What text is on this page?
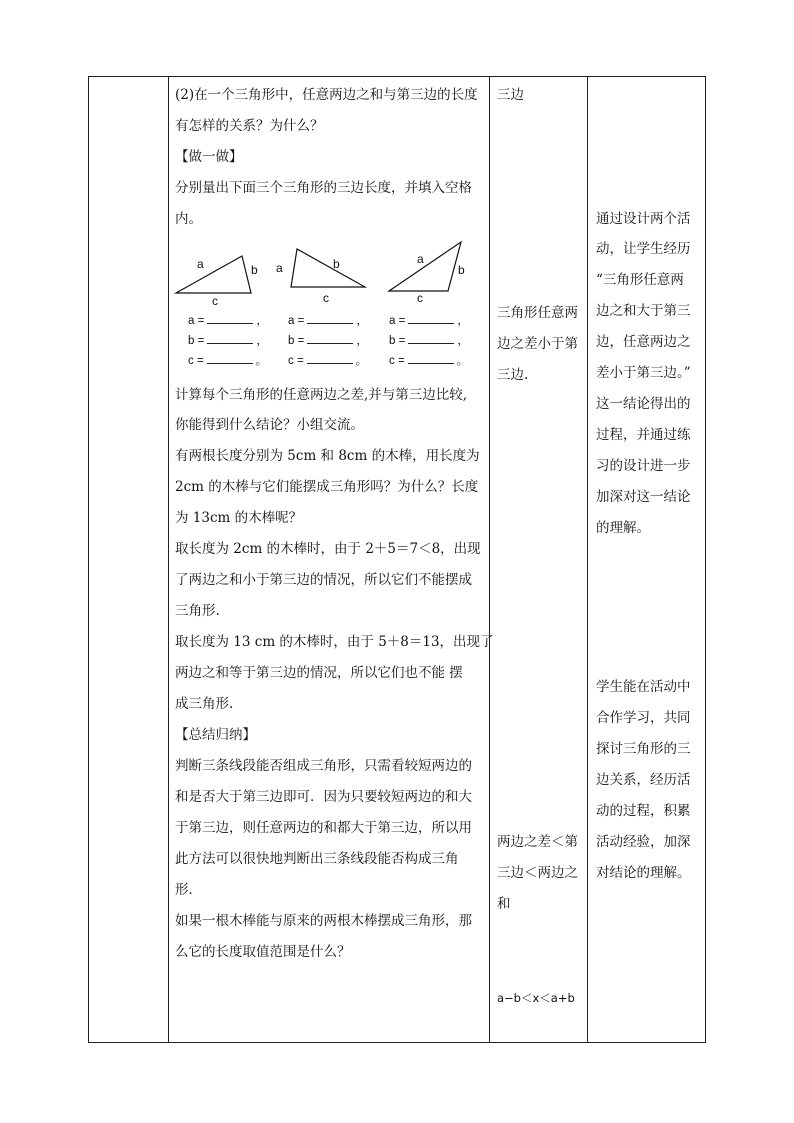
(2)在一个三角形中，任意两边之和与第三边的长度
有怎样的关系？为什么？
【做一做】
分别量出下面三个三角形的三边长度，并填入空格
内。
a	b
c
a	b
c
a
b
c
a =	，
b =	，
c =	。
a =	，
b =	，
c =	。
a =	，
b =	，
c =	。
计算每个三角形的任意两边之差,并与第三边比较,
你能得到什么结论？小组交流。
有两根长度分别为 5cm 和 8cm 的木棒，用长度为
2cm 的木棒与它们能摆成三角形吗？为什么？长度
为 13cm 的木棒呢？
取长度为 2cm 的木棒时，由于 2＋5＝7＜8，出现
了两边之和小于第三边的情况，所以它们不能摆成
三角形.
取长度为 13 cm 的木棒时，由于 5＋8＝13，出现了
两边之和等于第三边的情况，所以它们也不能 摆
成三角形.
【总结归纳】
判断三条线段能否组成三角形，只需看较短两边的
和是否大于第三边即可．因为只要较短两边的和大
于第三边，则任意两边的和都大于第三边，所以用
此方法可以很快地判断出三条线段能否构成三角
形．
如果一根木棒能与原来的两根木棒摆成三角形，那
么它的长度取值范围是什么？
三边
三角形任意两
边之差小于第
三边.
两边之差＜第
三边＜两边之
和
a−b＜x＜a+b
通过设计两个活
动，让学生经历
“三角形任意两
边之和大于第三
边，任意两边之
差小于第三边。”
这一结论得出的
过程，并通过练
习的设计进一步
加深对这一结论
的理解。
学生能在活动中
合作学习，共同
探讨三角形的三
边关系，经历活
动的过程，积累
活动经验，加深
对结论的理解。
